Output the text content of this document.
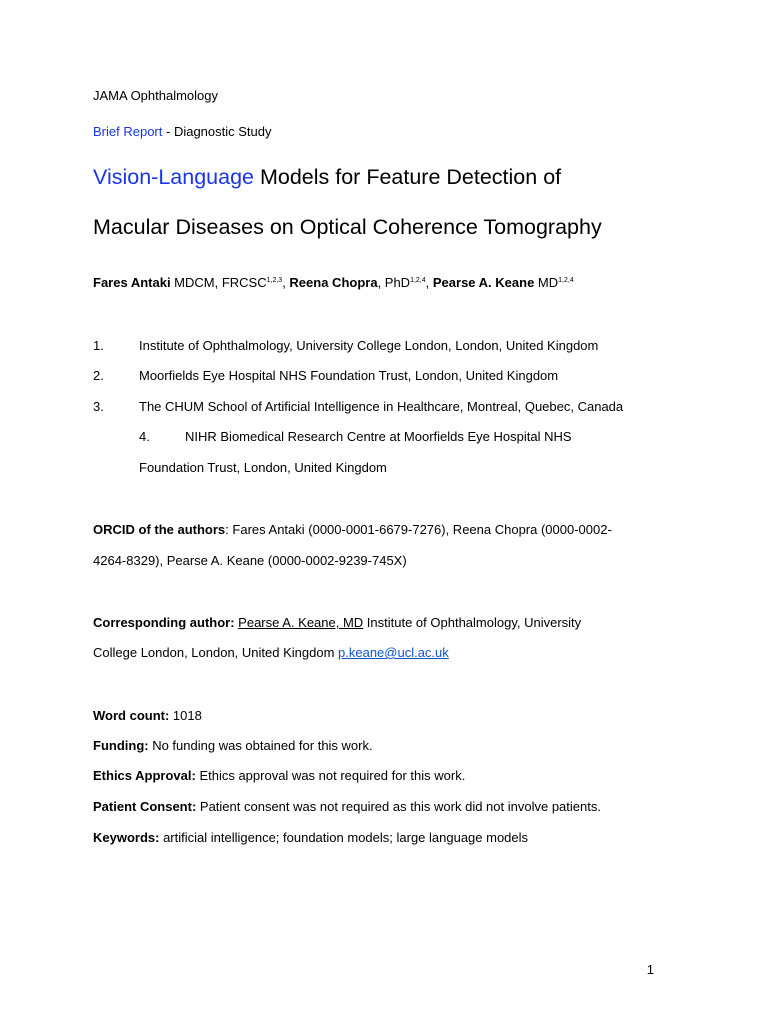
JAMA Ophthalmology
Brief Report - Diagnostic Study
Vision-Language Models for Feature Detection of
Macular Diseases on Optical Coherence Tomography
Fares Antaki MDCM, FRCSC$^{1,2,3}$, Reena Chopra, PhD$^{1,2,4}$, Pearse A. Keane MD$^{1,2,4}$
1.	Institute of Ophthalmology, University College London, London, United Kingdom
2.	Moorfields Eye Hospital NHS Foundation Trust, London, United Kingdom
3.	The CHUM School of Artificial Intelligence in Healthcare, Montreal, Quebec, Canada
4.	NIHR Biomedical Research Centre at Moorfields Eye Hospital NHS
Foundation Trust, London, United Kingdom
ORCID of the authors: Fares Antaki (0000-0001-6679-7276), Reena Chopra (0000-0002-
4264-8329), Pearse A. Keane (0000-0002-9239-745X)
Corresponding author: Pearse A. Keane, MD Institute of Ophthalmology, University
College London, London, United Kingdom p.keane@ucl.ac.uk
Word count: 1018
Funding: No funding was obtained for this work.
Ethics Approval: Ethics approval was not required for this work.
Patient Consent: Patient consent was not required as this work did not involve patients.
Keywords: artificial intelligence; foundation models; large language models
1
